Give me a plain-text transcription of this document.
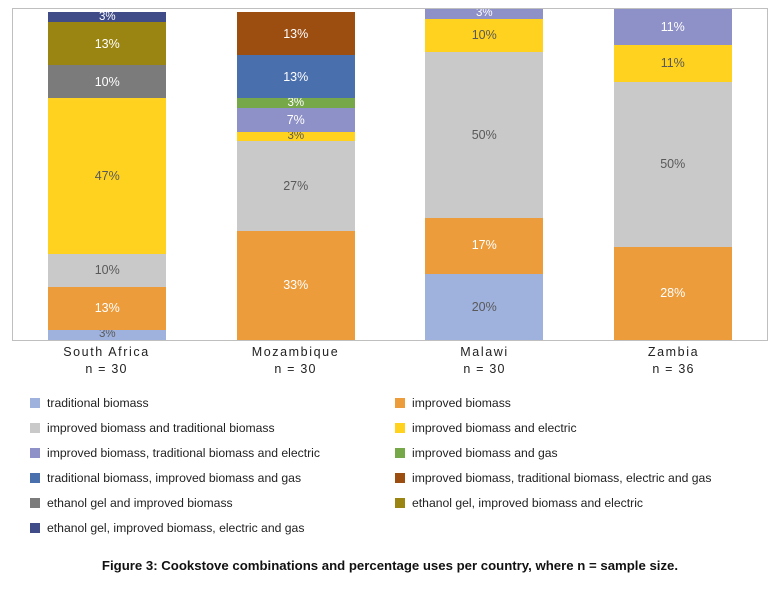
3%
13%
10%
47%
10%
13%
3%
13%
13%
3%
7%
3%
27%
33%
3%
10%
50%
17%
20%
11%
11%
50%
28%
South Africa
n = 30
Mozambique
n = 30
Malawi
n = 30
Zambia
n = 36
traditional biomass	improved biomass
improved biomass and traditional biomass	improved biomass and electric
improved biomass, traditional biomass and electric	improved biomass and gas
traditional biomass, improved biomass and gas	improved biomass, traditional biomass, electric and gas
ethanol gel and improved biomass	ethanol gel, improved biomass and electric
ethanol gel, improved biomass, electric and gas
Figure 3: Cookstove combinations and percentage uses per country, where n = sample size.
